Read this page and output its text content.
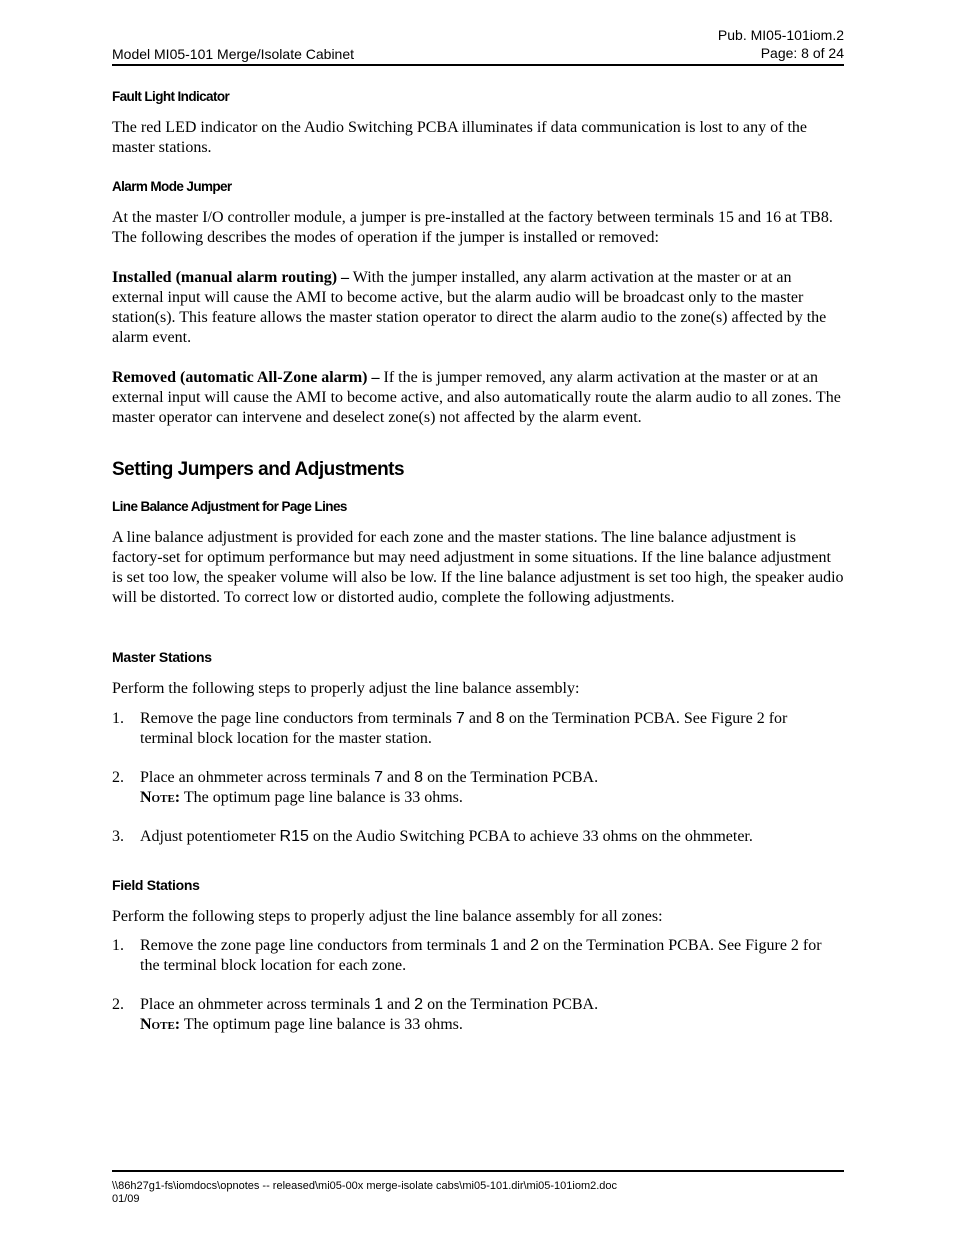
Model MI05-101 Merge/Isolate Cabinet
Pub. MI05-101iom.2
Page: 8 of 24
Fault Light Indicator

The red LED indicator on the Audio Switching PCBA illuminates if data communication is lost to any of the master stations.

Alarm Mode Jumper

At the master I/O controller module, a jumper is pre-installed at the factory between terminals 15 and 16 at TB8. The following describes the modes of operation if the jumper is installed or removed:

Installed (manual alarm routing) – With the jumper installed, any alarm activation at the master or at an external input will cause the AMI to become active, but the alarm audio will be broadcast only to the master station(s). This feature allows the master station operator to direct the alarm audio to the zone(s) affected by the alarm event.

Removed (automatic All-Zone alarm) – If the is jumper removed, any alarm activation at the master or at an external input will cause the AMI to become active, and also automatically route the alarm audio to all zones. The master operator can intervene and deselect zone(s) not affected by the alarm event.

Setting Jumpers and Adjustments
Line Balance Adjustment for Page Lines

A line balance adjustment is provided for each zone and the master stations. The line balance adjustment is factory-set for optimum performance but may need adjustment in some situations. If the line balance adjustment is set too low, the speaker volume will also be low. If the line balance adjustment is set too high, the speaker audio will be distorted. To correct low or distorted audio, complete the following adjustments.

Master Stations

Perform the following steps to properly adjust the line balance assembly:

1. Remove the page line conductors from terminals 7 and 8 on the Termination PCBA. See Figure 2 for terminal block location for the master station.
2. Place an ohmmeter across terminals 7 and 8 on the Termination PCBA.
Note: The optimum page line balance is 33 ohms.
3. Adjust potentiometer R15 on the Audio Switching PCBA to achieve 33 ohms on the ohmmeter.
Field Stations

Perform the following steps to properly adjust the line balance assembly for all zones:

1. Remove the zone page line conductors from terminals 1 and 2 on the Termination PCBA. See Figure 2 for the terminal block location for each zone.
2. Place an ohmmeter across terminals 1 and 2 on the Termination PCBA.
Note: The optimum page line balance is 33 ohms.
\\86h27g1-fs\iomdocs\opnotes -- released\mi05-00x merge-isolate cabs\mi05-101.dir\mi05-101iom2.doc
01/09
